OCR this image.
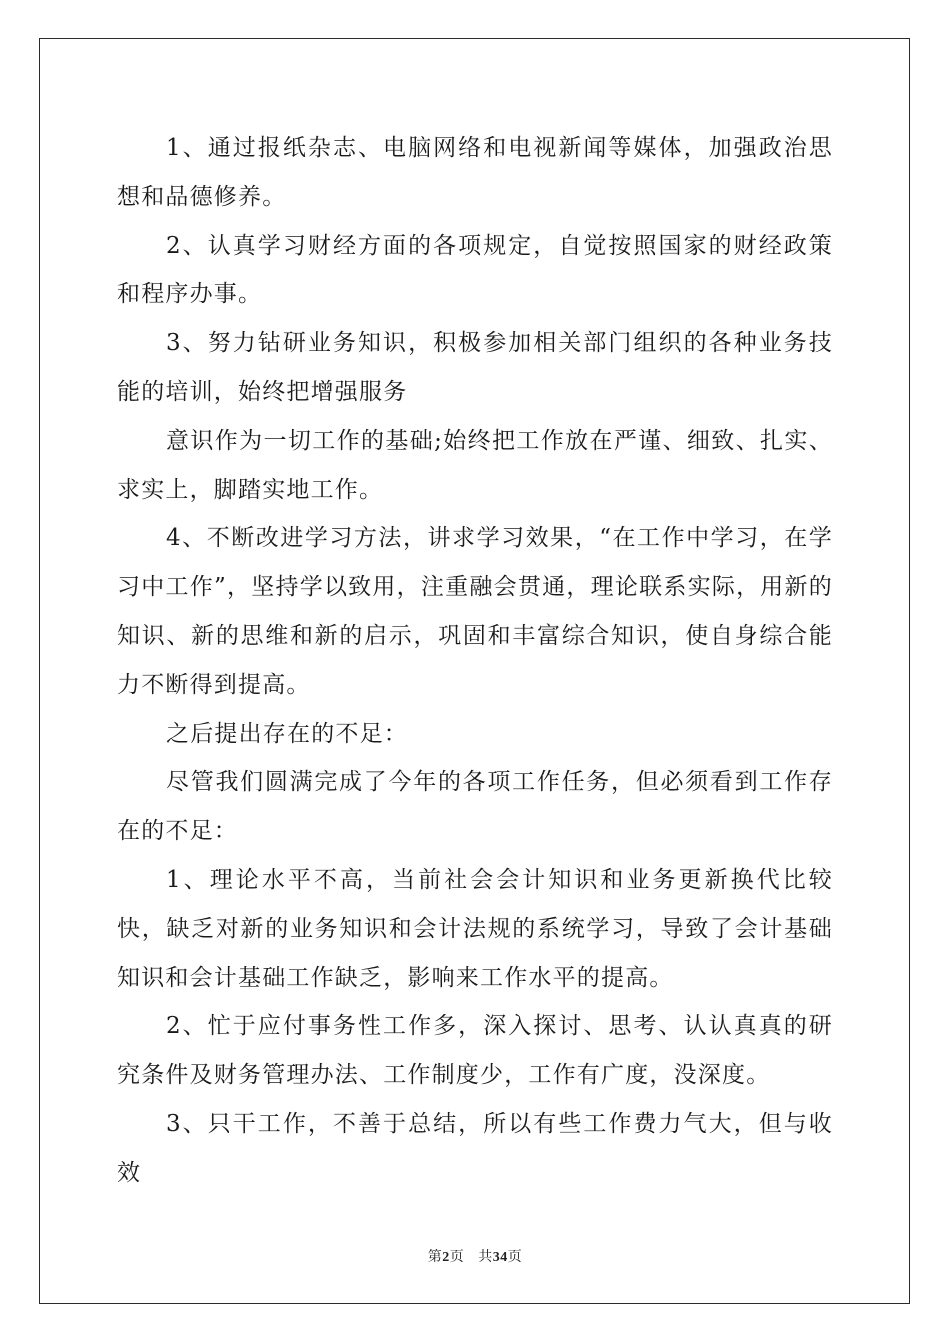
1、通过报纸杂志、电脑网络和电视新闻等媒体，加强政治思想和品德修养。

2、认真学习财经方面的各项规定，自觉按照国家的财经政策和程序办事。

3、努力钻研业务知识，积极参加相关部门组织的各种业务技能的培训，始终把增强服务

意识作为一切工作的基础;始终把工作放在严谨、细致、扎实、求实上，脚踏实地工作。

4、不断改进学习方法，讲求学习效果，“在工作中学习，在学习中工作”，坚持学以致用，注重融会贯通，理论联系实际，用新的知识、新的思维和新的启示，巩固和丰富综合知识，使自身综合能力不断得到提高。

之后提出存在的不足：

尽管我们圆满完成了今年的各项工作任务，但必须看到工作存在的不足：

1、理论水平不高，当前社会会计知识和业务更新换代比较快，缺乏对新的业务知识和会计法规的系统学习，导致了会计基础知识和会计基础工作缺乏，影响来工作水平的提高。

2、忙于应付事务性工作多，深入探讨、思考、认认真真的研究条件及财务管理办法、工作制度少，工作有广度，没深度。

3、只干工作，不善于总结，所以有些工作费力气大，但与收效

第2页 共34页
